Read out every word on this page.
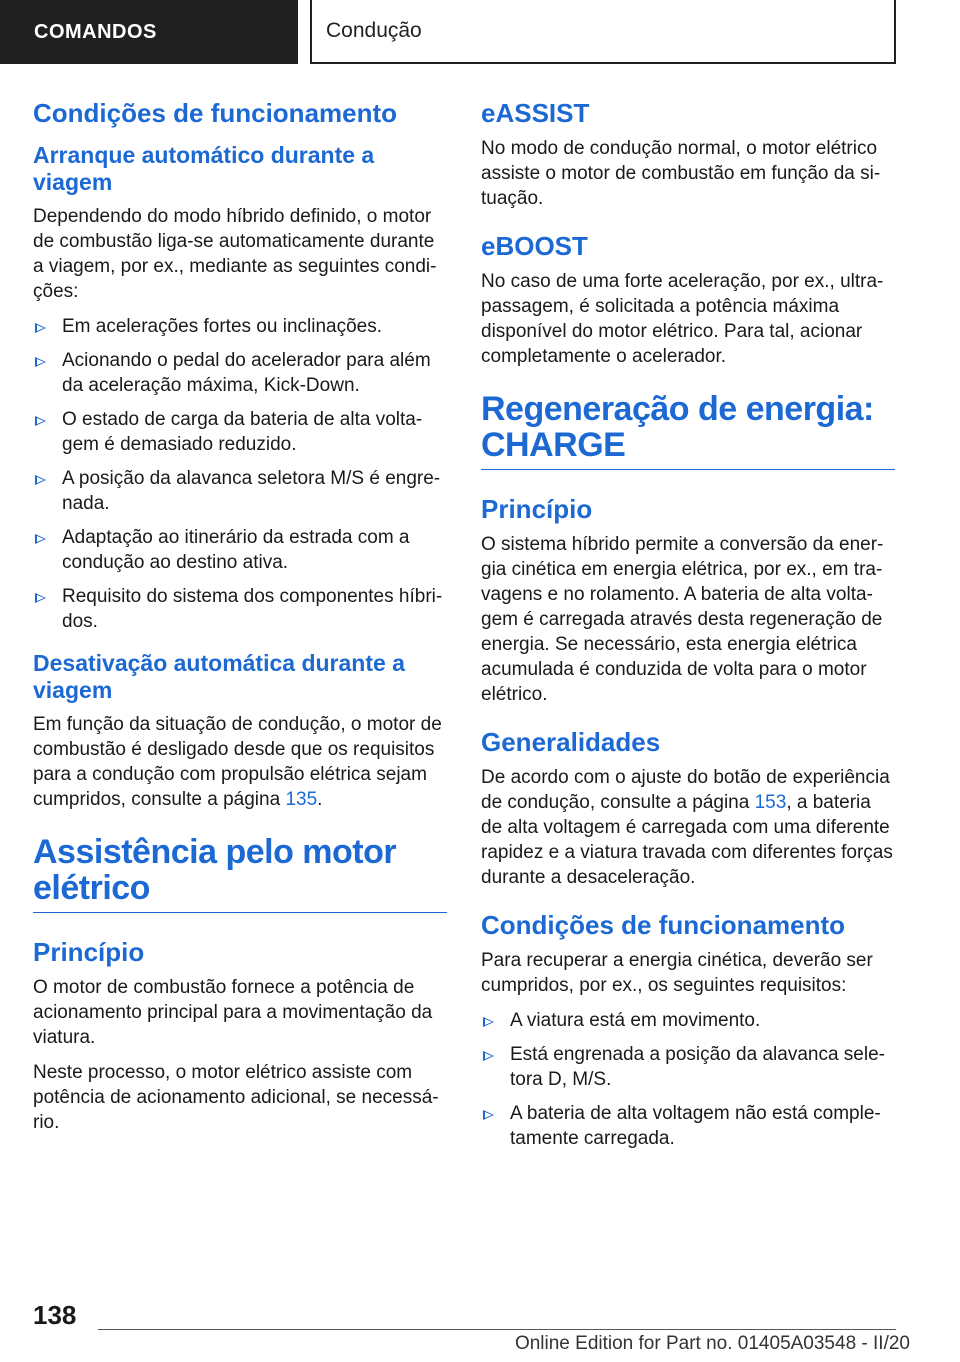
COMANDOS	Condução
Condições de funcionamento
Arranque automático durante a viagem

Dependendo do modo híbrido definido, o motor de combustão liga-se automaticamente durante a viagem, por ex., mediante as seguintes condições:

Em acelerações fortes ou inclinações.
Acionando o pedal do acelerador para além da aceleração máxima, Kick-Down.
O estado de carga da bateria de alta voltagem é demasiado reduzido.
A posição da alavanca seletora M/S é engrenada.
Adaptação ao itinerário da estrada com a condução ao destino ativa.
Requisito do sistema dos componentes híbridos.
Desativação automática durante a viagem

Em função da situação de condução, o motor de combustão é desligado desde que os requisitos para a condução com propulsão elétrica sejam cumpridos, consulte a página 135.

Assistência pelo motor elétrico
Princípio

O motor de combustão fornece a potência de acionamento principal para a movimentação da viatura.

Neste processo, o motor elétrico assiste com potência de acionamento adicional, se necessário.

eASSIST

No modo de condução normal, o motor elétrico assiste o motor de combustão em função da situação.

eBOOST

No caso de uma forte aceleração, por ex., ultrapassagem, é solicitada a potência máxima disponível do motor elétrico. Para tal, acionar completamente o acelerador.

Regeneração de energia: CHARGE
Princípio

O sistema híbrido permite a conversão da energia cinética em energia elétrica, por ex., em travagens e no rolamento. A bateria de alta voltagem é carregada através desta regeneração de energia. Se necessário, esta energia elétrica acumulada é conduzida de volta para o motor elétrico.

Generalidades

De acordo com o ajuste do botão de experiência de condução, consulte a página 153, a bateria de alta voltagem é carregada com uma diferente rapidez e a viatura travada com diferentes forças durante a desaceleração.

Condições de funcionamento

Para recuperar a energia cinética, deverão ser cumpridos, por ex., os seguintes requisitos:

A viatura está em movimento.
Está engrenada a posição da alavanca seletora D, M/S.
A bateria de alta voltagem não está completamente carregada.
138
Online Edition for Part no. 01405A03548 - II/20
